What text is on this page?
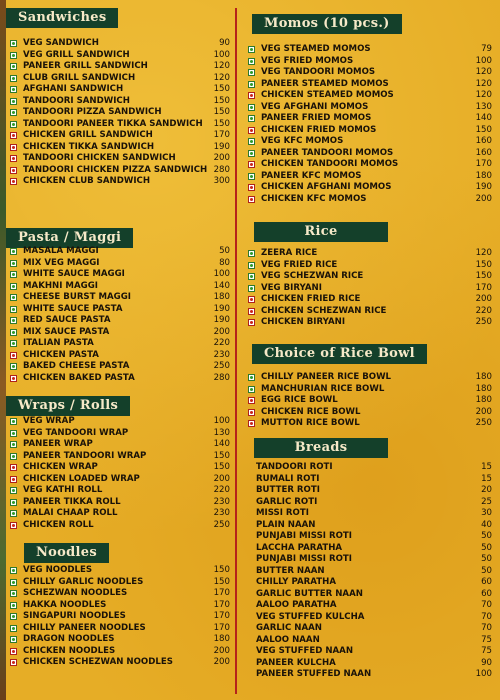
Sandwiches
VEG SANDWICH	90
VEG GRILL SANDWICH	100
PANEER GRILL SANDWICH	120
CLUB GRILL SANDWICH	120
AFGHANI SANDWICH	150
TANDOORI SANDWICH	150
TANDOORI PIZZA SANDWICH	150
TANDOORI PANEER TIKKA SANDWICH	150
CHICKEN GRILL SANDWICH	170
CHICKEN TIKKA SANDWICH	190
TANDOORI CHICKEN SANDWICH	200
TANDOORI CHICKEN PIZZA SANDWICH 280
CHICKEN CLUB SANDWICH	300
Pasta / Maggi
MASALA MAGGI	50
MIX VEG MAGGI	80
WHITE SAUCE MAGGI	100
MAKHNI MAGGI	140
CHEESE BURST MAGGI	180
WHITE SAUCE PASTA	190
RED SAUCE PASTA	190
MIX SAUCE PASTA	200
ITALIAN PASTA	220
CHICKEN PASTA	230
BAKED CHEESE PASTA	250
CHICKEN BAKED PASTA	280
Wraps / Rolls
VEG WRAP	100
VEG TANDOORI WRAP	130
PANEER WRAP	140
PANEER TANDOORI WRAP	150
CHICKEN WRAP	150
CHICKEN LOADED WRAP	200
VEG KATHI ROLL	220
PANEER TIKKA ROLL	230
MALAI CHAAP ROLL	230
CHICKEN ROLL	250
Noodles
VEG NOODLES	150
CHILLY GARLIC NOODLES	150
SCHEZWAN NOODLES	170
HAKKA NOODLES	170
SINGAPURI NOODLES	170
CHILLY PANEER NOODLES	170
DRAGON NOODLES	180
CHICKEN NOODLES	200
CHICKEN SCHEZWAN NOODLES	200
Momos (10 pcs.)
VEG STEAMED MOMOS	79
VEG FRIED MOMOS	100
VEG TANDOORI MOMOS	120
PANEER STEAMED MOMOS	120
CHICKEN STEAMED MOMOS	120
VEG AFGHANI MOMOS	130
PANEER FRIED MOMOS	140
CHICKEN FRIED MOMOS	150
VEG KFC MOMOS	160
PANEER TANDOORI MOMOS	160
CHICKEN TANDOORI MOMOS	170
PANEER KFC MOMOS	180
CHICKEN AFGHANI MOMOS	190
CHICKEN KFC MOMOS	200
Rice
ZEERA RICE	120
VEG FRIED RICE	150
VEG SCHEZWAN RICE	150
VEG BIRYANI	170
CHICKEN FRIED RICE	200
CHICKEN SCHEZWAN RICE	220
CHICKEN BIRYANI	250
Choice of Rice Bowl
CHILLY PANEER RICE BOWL	180
MANCHURIAN RICE BOWL	180
EGG RICE BOWL	180
CHICKEN RICE BOWL	200
MUTTON RICE BOWL	250
Breads
TANDOORI ROTI	15
RUMALI ROTI	15
BUTTER ROTI	20
GARLIC ROTI	25
MISSI ROTI	30
PLAIN NAAN	40
PUNJABI MISSI ROTI	50
LACCHA PARATHA	50
PUNJABI MISSI ROTI	50
BUTTER NAAN	50
CHILLY PARATHA	60
GARLIC BUTTER NAAN	60
AALOO PARATHA	70
VEG STUFFED KULCHA	70
GARLIC NAAN	70
AALOO NAAN	75
VEG STUFFED NAAN	75
PANEER KULCHA	90
PANEER STUFFED NAAN	100
